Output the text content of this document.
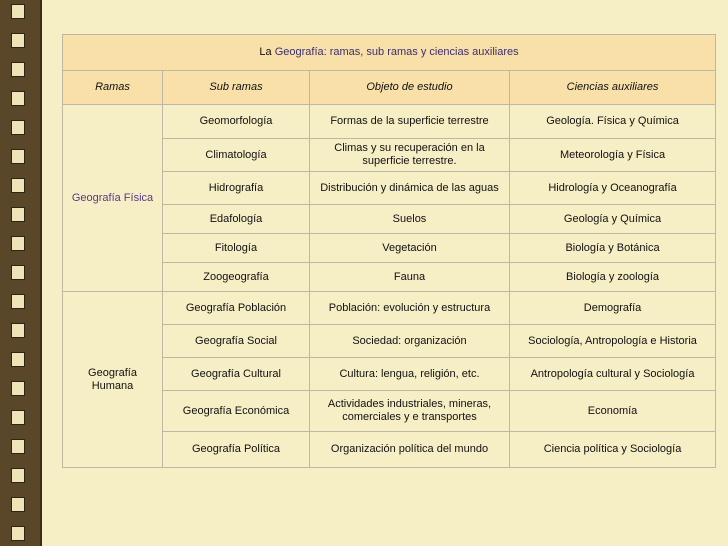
La Geografía: ramas, sub ramas y ciencias auxiliares			
Ramas	Sub ramas	Objeto de estudio	Ciencias auxiliares
Geografía Física	Geomorfología	Formas de la superficie terrestre	Geología. Física y Química
	Climatología	Climas y su recuperación en la superficie terrestre.	Meteorología y Física
	Hidrografía	Distribución y dinámica de las aguas	Hidrología y Oceanografía
	Edafología	Suelos	Geología y Química
	Fitología	Vegetación	Biología y Botánica
	Zoogeografía	Fauna	Biología y zoología
Geografía Humana	Geografía Población	Población: evolución y estructura	Demografía
	Geografía Social	Sociedad: organización	Sociología, Antropología e Historia
	Geografía Cultural	Cultura: lengua, religión, etc.	Antropología cultural y Sociología
	Geografía Económica	Actividades industriales, mineras, comerciales y e transportes	Economía
	Geografía Política	Organización política del mundo	Ciencia política y Sociología
